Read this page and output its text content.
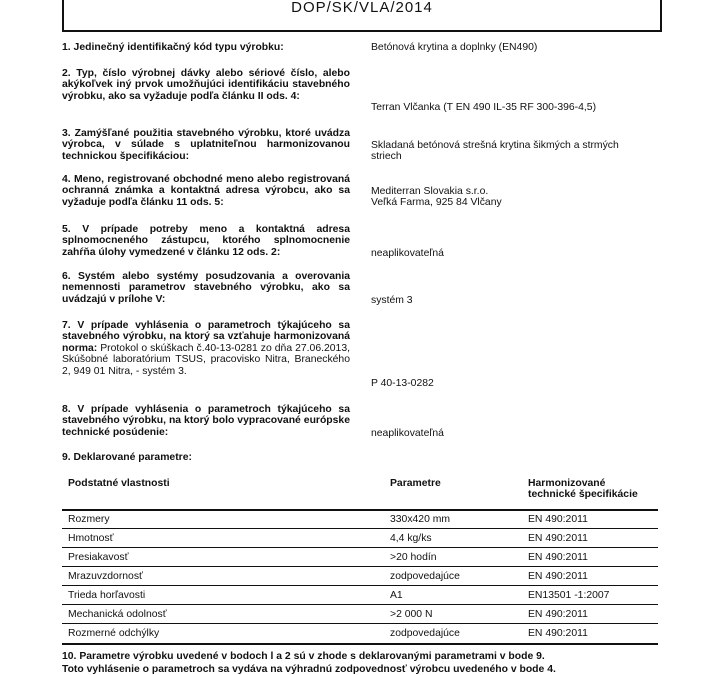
DOP/SK/VLA/2014
1. Jedinečný identifikačný kód typu výrobku:	Betónová krytina a doplnky (EN490)
2. Typ, číslo výrobnej dávky alebo sériové číslo, alebo akýkoľvek iný prvok umožňujúci identifikáciu stavebného výrobku, ako sa vyžaduje podľa článku II ods. 4:
Terran Vlčanka (T EN 490 IL-35 RF 300-396-4,5)
3. Zamýšľané použitia stavebného výrobku, ktoré uvádza výrobca, v súlade s uplatniteľnou harmonizovanou technickou špecifikáciou:
Skladaná betónová strešná krytina šikmých a strmých
striech
4. Meno, registrované obchodné meno alebo registrovaná ochranná známka a kontaktná adresa výrobcu, ako sa vyžaduje podľa článku 11 ods. 5:
Mediterran Slovakia s.r.o.
Veľká Farma, 925 84 Vlčany
5. V prípade potreby meno a kontaktná adresa splnomocneného zástupcu, ktorého splnomocnenie zahŕňa úlohy vymedzené v článku 12 ods. 2:	neaplikovateľná
6. Systém alebo systémy posudzovania a overovania nemennosti parametrov stavebného výrobku, ako sa uvádzajú v prílohe V:	systém 3
7. V prípade vyhlásenia o parametroch týkajúceho sa stavebného výrobku, na ktorý sa vzťahuje harmonizovaná norma: Protokol o skúškach č.40-13-0281 zo dňa 27.06.2013, Skúšobné laboratórium TSUS, pracovisko Nitra, Braneckého 2, 949 01 Nitra, - systém 3.
P 40-13-0282
8. V prípade vyhlásenia o parametroch týkajúceho sa stavebného výrobku, na ktorý bolo vypracované európske technické posúdenie:	neaplikovateľná
9. Deklarované parametre:
Podstatné vlastnosti	Parametre	Harmonizované
technické špecifikácie
Rozmery	330x420 mm	EN 490:2011
Hmotnosť	4,4 kg/ks	EN 490:2011
Presiakavosť	>20 hodín	EN 490:2011
Mrazuvzdornosť	zodpovedajúce	EN 490:2011
Trieda horľavosti	A1	EN13501 -1:2007
Mechanická odolnosť	>2 000 N	EN 490:2011
Rozmerné odchýlky	zodpovedajúce	EN 490:2011
10. Parametre výrobku uvedené v bodoch l a 2 sú v zhode s deklarovanými parametrami v bode 9.
Toto vyhlásenie o parametroch sa vydáva na výhradnú zodpovednosť výrobcu uvedeného v bode 4.
